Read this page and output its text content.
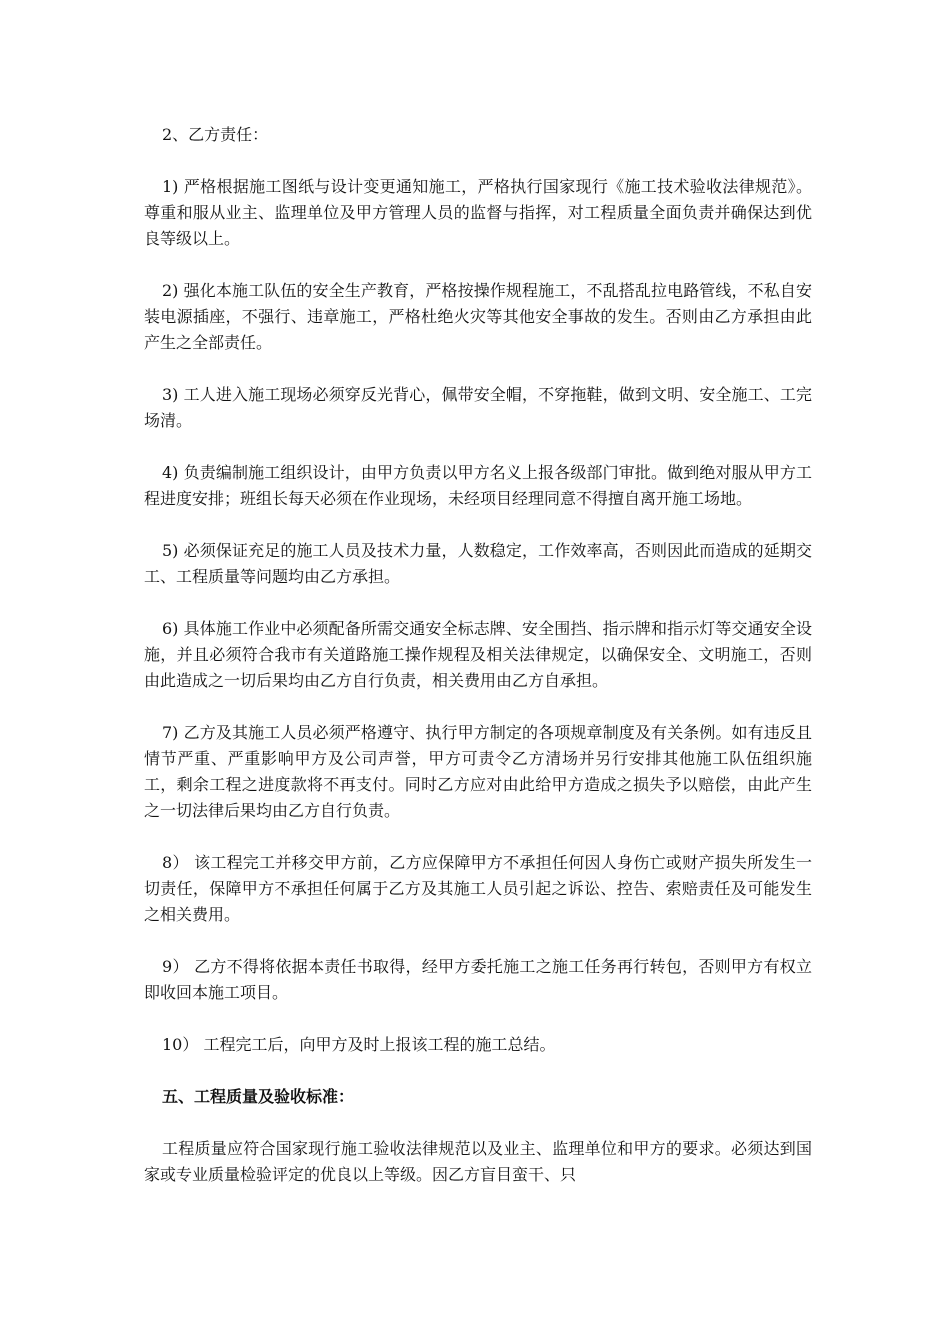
2、乙方责任：

1) 严格根据施工图纸与设计变更通知施工，严格执行国家现行《施工技术验收法律规范》。尊重和服从业主、监理单位及甲方管理人员的监督与指挥，对工程质量全面负责并确保达到优良等级以上。

2) 强化本施工队伍的安全生产教育，严格按操作规程施工，不乱搭乱拉电路管线，不私自安装电源插座，不强行、违章施工，严格杜绝火灾等其他安全事故的发生。否则由乙方承担由此产生之全部责任。

3) 工人进入施工现场必须穿反光背心，佩带安全帽，不穿拖鞋，做到文明、安全施工、工完场清。

4) 负责编制施工组织设计，由甲方负责以甲方名义上报各级部门审批。做到绝对服从甲方工程进度安排；班组长每天必须在作业现场，未经项目经理同意不得擅自离开施工场地。

5) 必须保证充足的施工人员及技术力量，人数稳定，工作效率高，否则因此而造成的延期交工、工程质量等问题均由乙方承担。

6) 具体施工作业中必须配备所需交通安全标志牌、安全围挡、指示牌和指示灯等交通安全设施，并且必须符合我市有关道路施工操作规程及相关法律规定，以确保安全、文明施工，否则由此造成之一切后果均由乙方自行负责，相关费用由乙方自承担。

7) 乙方及其施工人员必须严格遵守、执行甲方制定的各项规章制度及有关条例。如有违反且情节严重、严重影响甲方及公司声誉，甲方可责令乙方清场并另行安排其他施工队伍组织施工，剩余工程之进度款将不再支付。同时乙方应对由此给甲方造成之损失予以赔偿，由此产生之一切法律后果均由乙方自行负责。

8） 该工程完工并移交甲方前，乙方应保障甲方不承担任何因人身伤亡或财产损失所发生一切责任，保障甲方不承担任何属于乙方及其施工人员引起之诉讼、控告、索赔责任及可能发生之相关费用。

9） 乙方不得将依据本责任书取得，经甲方委托施工之施工任务再行转包，否则甲方有权立即收回本施工项目。

10） 工程完工后，向甲方及时上报该工程的施工总结。

五、工程质量及验收标准：

工程质量应符合国家现行施工验收法律规范以及业主、监理单位和甲方的要求。必须达到国家或专业质量检验评定的优良以上等级。因乙方盲目蛮干、只
